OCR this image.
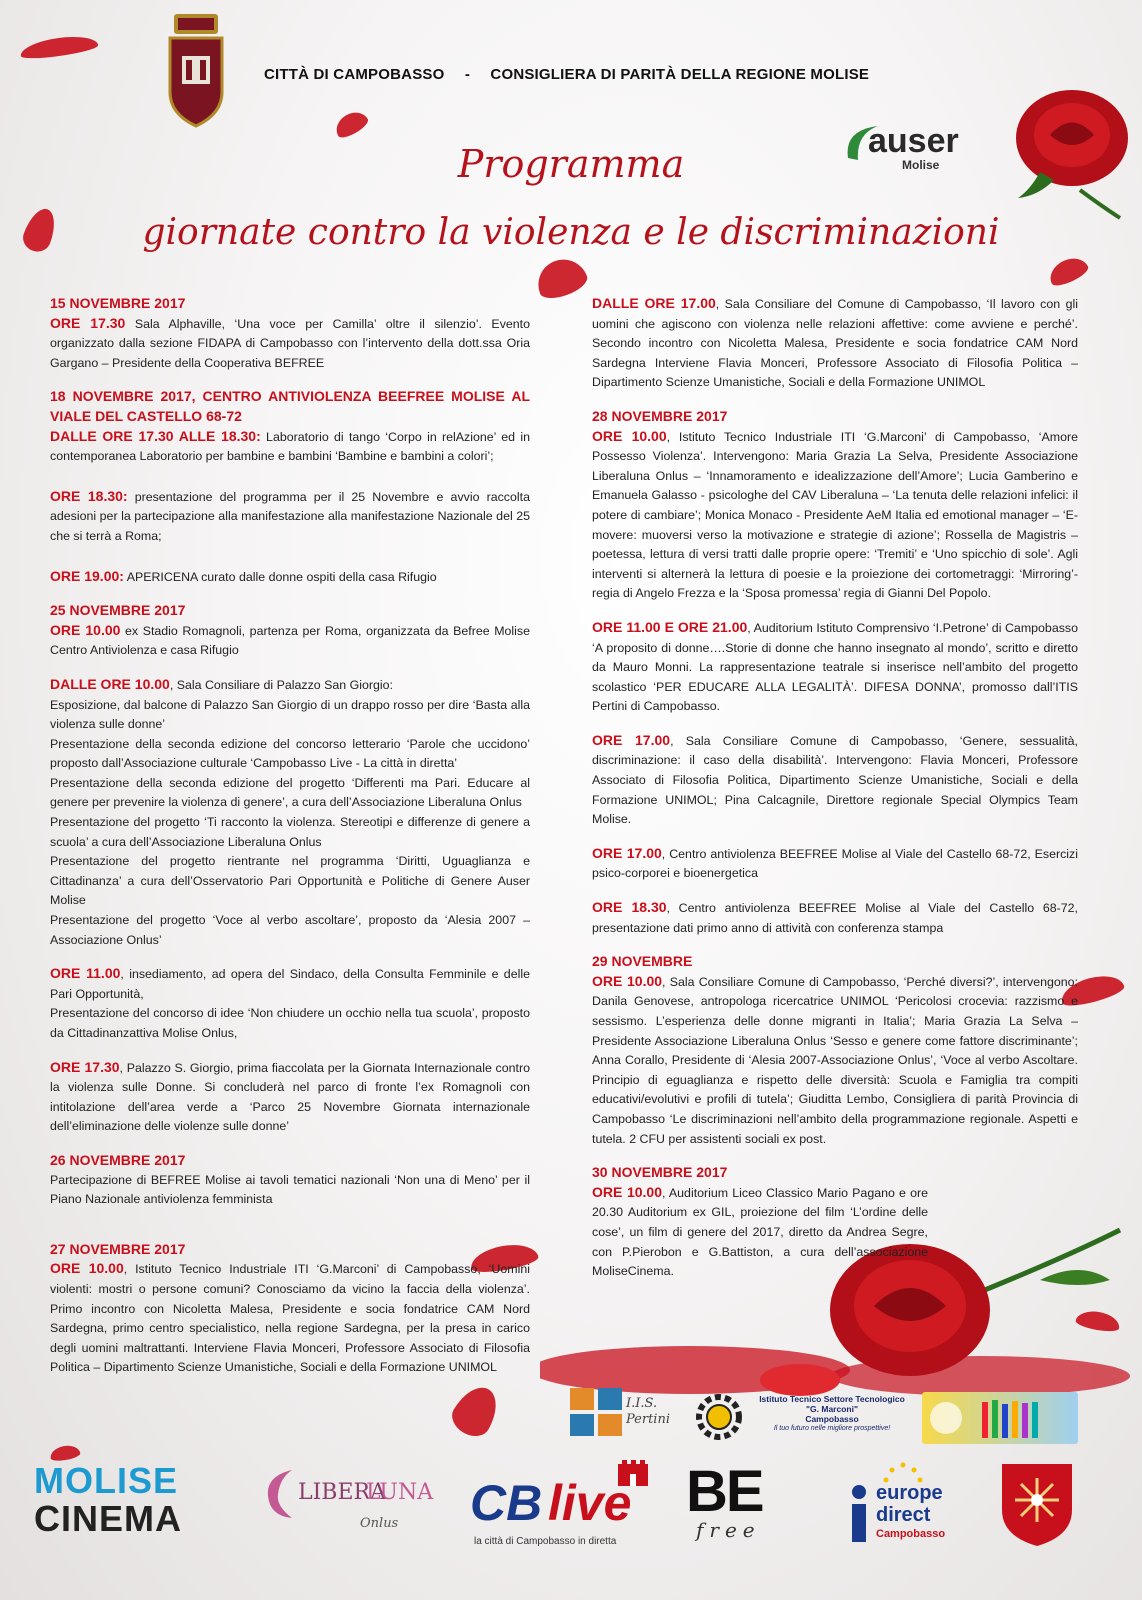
CITTÀ DI CAMPOBASSO - CONSIGLIERA DI PARITÀ DELLA REGIONE MOLISE
auser
Molise
Programma
giornate contro la violenza e le discriminazioni
15 NOVEMBRE 2017

ORE 17.30 Sala Alphaville, ‘Una voce per Camilla’ oltre il silenzio’. Evento organizzato dalla sezione FIDAPA di Campobasso con l’intervento della dott.ssa Oria Gargano – Presidente della Cooperativa BEFREE

18 NOVEMBRE 2017, CENTRO ANTIVIOLENZA BEEFREE MOLISE AL VIALE DEL CASTELLO 68-72

DALLE ORE 17.30 ALLE 18.30: Laboratorio di tango ‘Corpo in relAzione’ ed in contemporanea Laboratorio per bambine e bambini ‘Bambine e bambini a colori’;

ORE 18.30: presentazione del programma per il 25 Novembre e avvio raccolta adesioni per la partecipazione alla manifestazione alla manifestazione Nazionale del 25 che si terrà a Roma;

ORE 19.00: APERICENA curato dalle donne ospiti della casa Rifugio

25 NOVEMBRE 2017

ORE 10.00 ex Stadio Romagnoli, partenza per Roma, organizzata da Befree Molise Centro Antiviolenza e casa Rifugio

DALLE ORE 10.00, Sala Consiliare di Palazzo San Giorgio:

Esposizione, dal balcone di Palazzo San Giorgio di un drappo rosso per dire ‘Basta alla violenza sulle donne’

Presentazione della seconda edizione del concorso letterario ‘Parole che uccidono’ proposto dall’Associazione culturale ‘Campobasso Live - La città in diretta’

Presentazione della seconda edizione del progetto ‘Differenti ma Pari. Educare al genere per prevenire la violenza di genere’, a cura dell’Associazione Liberaluna Onlus

Presentazione del progetto ‘Ti racconto la violenza. Stereotipi e differenze di genere a scuola’ a cura dell’Associazione Liberaluna Onlus

Presentazione del progetto rientrante nel programma ‘Diritti, Uguaglianza e Cittadinanza’ a cura dell’Osservatorio Pari Opportunità e Politiche di Genere Auser Molise

Presentazione del progetto ‘Voce al verbo ascoltare’, proposto da ‘Alesia 2007 – Associazione Onlus’

ORE 11.00, insediamento, ad opera del Sindaco, della Consulta Femminile e delle Pari Opportunità,

Presentazione del concorso di idee ‘Non chiudere un occhio nella tua scuola’, proposto da Cittadinanzattiva Molise Onlus,

ORE 17.30, Palazzo S. Giorgio, prima fiaccolata per la Giornata Internazionale contro la violenza sulle Donne. Si concluderà nel parco di fronte l’ex Romagnoli con intitolazione dell’area verde a ‘Parco 25 Novembre Giornata internazionale dell’eliminazione delle violenze sulle donne’

26 NOVEMBRE 2017

Partecipazione di BEFREE Molise ai tavoli tematici nazionali ‘Non una di Meno’ per il Piano Nazionale antiviolenza femminista

27 NOVEMBRE 2017

ORE 10.00, Istituto Tecnico Industriale ITI ‘G.Marconi’ di Campobasso, ‘Uomini violenti: mostri o persone comuni? Conosciamo da vicino la faccia della violenza’. Primo incontro con Nicoletta Malesa, Presidente e socia fondatrice CAM Nord Sardegna, primo centro specialistico, nella regione Sardegna, per la presa in carico degli uomini maltrattanti. Interviene Flavia Monceri, Professore Associato di Filosofia Politica – Dipartimento Scienze Umanistiche, Sociali e della Formazione UNIMOL

DALLE ORE 17.00, Sala Consiliare del Comune di Campobasso, ‘Il lavoro con gli uomini che agiscono con violenza nelle relazioni affettive: come avviene e perché’. Secondo incontro con Nicoletta Malesa, Presidente e socia fondatrice CAM Nord Sardegna Interviene Flavia Monceri, Professore Associato di Filosofia Politica – Dipartimento Scienze Umanistiche, Sociali e della Formazione UNIMOL

28 NOVEMBRE 2017

ORE 10.00, Istituto Tecnico Industriale ITI ‘G.Marconi’ di Campobasso, ‘Amore Possesso Violenza’. Intervengono: Maria Grazia La Selva, Presidente Associazione Liberaluna Onlus – ‘Innamoramento e idealizzazione dell’Amore’; Lucia Gamberino e Emanuela Galasso - psicologhe del CAV Liberaluna – ‘La tenuta delle relazioni infelici: il potere di cambiare’; Monica Monaco - Presidente AeM Italia ed emotional manager – ‘E-movere: muoversi verso la motivazione e strategie di azione’; Rossella de Magistris – poetessa, lettura di versi tratti dalle proprie opere: ‘Tremiti’ e ‘Uno spicchio di sole’. Agli interventi si alternerà la lettura di poesie e la proiezione dei cortometraggi: ‘Mirroring’- regia di Angelo Frezza e la ‘Sposa promessa’ regia di Gianni Del Popolo.

ORE 11.00 E ORE 21.00, Auditorium Istituto Comprensivo ‘I.Petrone’ di Campobasso ‘A proposito di donne….Storie di donne che hanno insegnato al mondo’, scritto e diretto da Mauro Monni. La rappresentazione teatrale si inserisce nell’ambito del progetto scolastico ‘PER EDUCARE ALLA LEGALITÀ’. DIFESA DONNA’, promosso dall’ITIS Pertini di Campobasso.

ORE 17.00, Sala Consiliare Comune di Campobasso, ‘Genere, sessualità, discriminazione: il caso della disabilità’. Intervengono: Flavia Monceri, Professore Associato di Filosofia Politica, Dipartimento Scienze Umanistiche, Sociali e della Formazione UNIMOL; Pina Calcagnile, Direttore regionale Special Olympics Team Molise.

ORE 17.00, Centro antiviolenza BEEFREE Molise al Viale del Castello 68-72, Esercizi psico-corporei e bioenergetica

ORE 18.30, Centro antiviolenza BEEFREE Molise al Viale del Castello 68-72, presentazione dati primo anno di attività con conferenza stampa

29 NOVEMBRE

ORE 10.00, Sala Consiliare Comune di Campobasso, ‘Perché diversi?’, intervengono: Danila Genovese, antropologa ricercatrice UNIMOL ‘Pericolosi crocevia: razzismo e sessismo. L’esperienza delle donne migranti in Italia’; Maria Grazia La Selva – Presidente Associazione Liberaluna Onlus ‘Sesso e genere come fattore discriminante’; Anna Corallo, Presidente di ‘Alesia 2007-Associazione Onlus’, ‘Voce al verbo Ascoltare. Principio di eguaglianza e rispetto delle diversità: Scuola e Famiglia tra compiti educativi/evolutivi e profili di tutela’; Giuditta Lembo, Consigliera di parità Provincia di Campobasso ‘Le discriminazioni nell’ambito della programmazione regionale. Aspetti e tutela. 2 CFU per assistenti sociali ex post.

30 NOVEMBRE 2017

ORE 10.00, Auditorium Liceo Classico Mario Pagano e ore 20.30 Auditorium ex GIL, proiezione del film ‘L’ordine delle cose’, un film di genere del 2017, diretto da Andrea Segre, con P.Pierobon e G.Battiston, a cura dell’associazione MoliseCinema.

I.I.S. Pertini
Istituto Tecnico Settore Tecnologico
"G. Marconi"
Campobasso
Il tuo futuro nelle migliore prospettive!
MOLISE
CINEMA
LIBERA
LUNA
Onlus CB live
la città di Campobasso in diretta
BE
free
europe
direct
Campobasso
